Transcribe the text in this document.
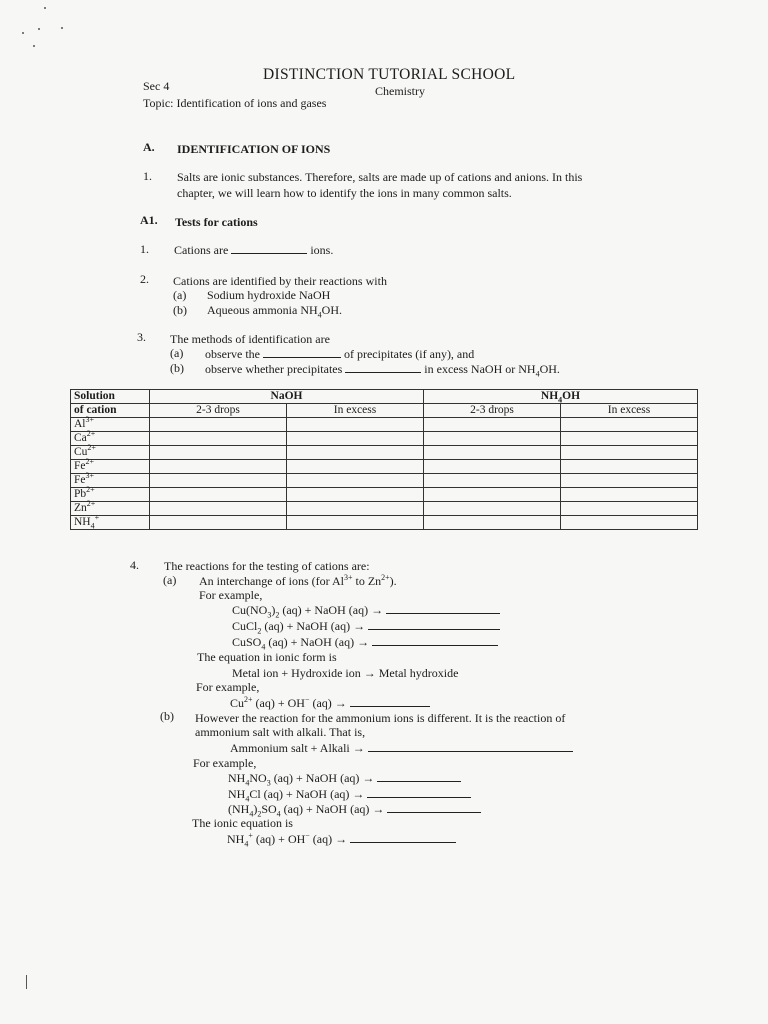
DISTINCTION TUTORIAL SCHOOL
Sec 4	Chemistry
Topic: Identification of ions and gases
A. IDENTIFICATION OF IONS
1. Salts are ionic substances. Therefore, salts are made up of cations and anions. In this
chapter, we will learn how to identify the ions in many common salts.
A1. Tests for cations
1. Cations are	ions.
2. Cations are identified by their reactions with
(a) Sodium hydroxide NaOH
(b) Aqueous ammonia $NH_4OH$.
3. The methods of identification are
(a) observe the	of precipitates (if any), and
(b) observe whether precipitates	in excess NaOH or $NH_4OH$.
Solution	NaOH		$NH_4OH$	
of cation	2-3 drops	In excess	2-3 drops	In excess
$Al^{3+}$				
$Ca^{2+}$				
$Cu^{2+}$				
$Fe^{2+}$				
$Fe^{3+}$				
$Pb^{2+}$				
$Zn^{2+}$				
$NH_4^+$				
4. The reactions for the testing of cations are:
(a) An interchange of ions (for $Al^{3+}$ to $Zn^{2+}$).
For example,
$Cu(NO_3)_2$ (aq) + NaOH (aq) →
CuCl$_2$ (aq) + NaOH (aq) →
CuSO$_4$ (aq) + NaOH (aq) →
The equation in ionic form is
Metal ion + Hydroxide ion → Metal hydroxide
For example,
$Cu^{2+}$ (aq) + OH− (aq) →
(b) However the reaction for the ammonium ions is different. It is the reaction of
ammonium salt with alkali. That is,
Ammonium salt + Alkali →
For example,
$NH_4NO_3$ (aq) + NaOH (aq) →
$NH_4Cl$ (aq) + NaOH (aq) →
$(NH_4)_2SO_4$ (aq) + NaOH (aq) →
The ionic equation is
$NH_4^+$ (aq) + OH− (aq) →
